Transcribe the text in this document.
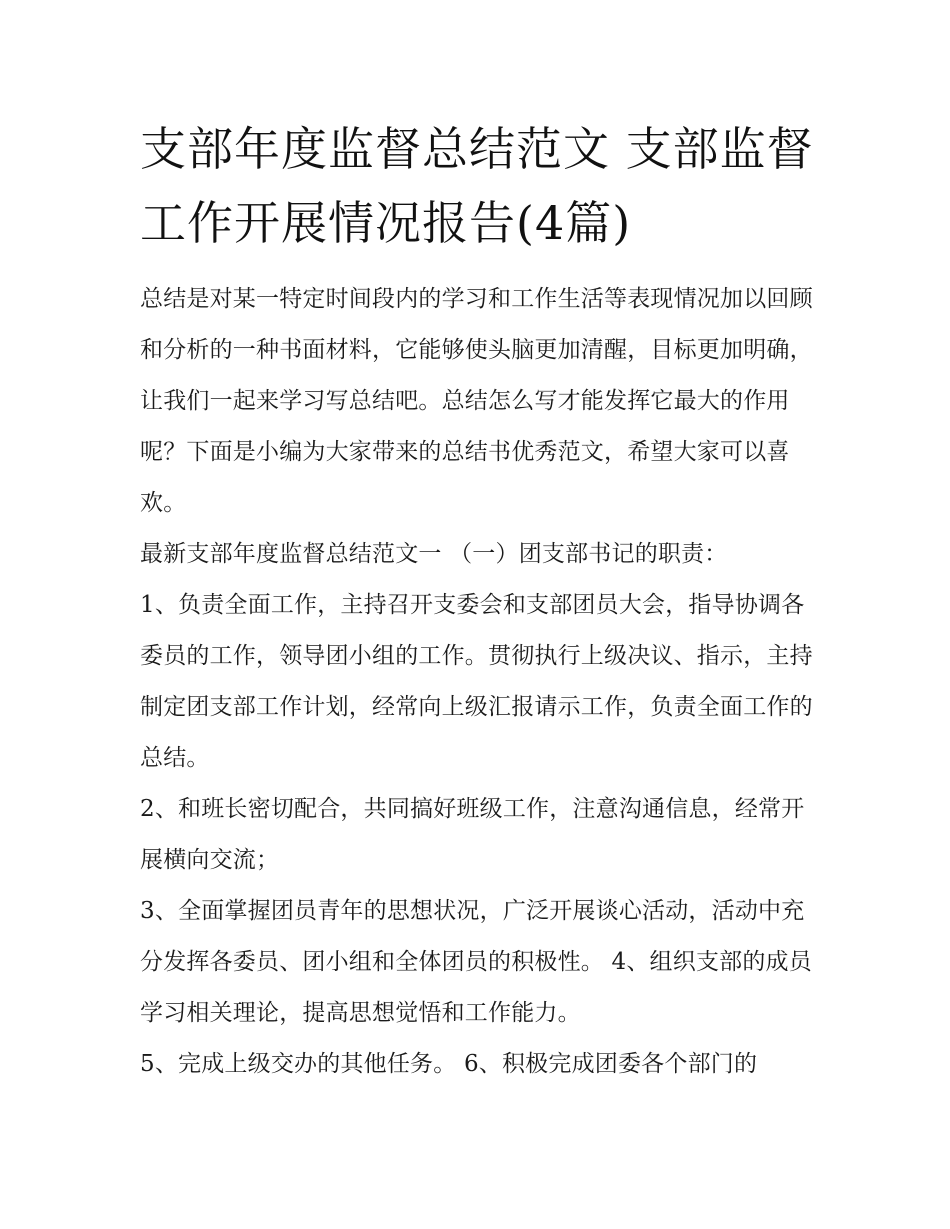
支部年度监督总结范文 支部监督工作开展情况报告(4篇)

总结是对某一特定时间段内的学习和工作生活等表现情况加以回顾和分析的一种书面材料，它能够使头脑更加清醒，目标更加明确，让我们一起来学习写总结吧。总结怎么写才能发挥它最大的作用呢？下面是小编为大家带来的总结书优秀范文，希望大家可以喜欢。

最新支部年度监督总结范文一 （一）团支部书记的职责：

1、负责全面工作，主持召开支委会和支部团员大会，指导协调各委员的工作，领导团小组的工作。贯彻执行上级决议、指示，主持制定团支部工作计划，经常向上级汇报请示工作，负责全面工作的总结。

2、和班长密切配合，共同搞好班级工作，注意沟通信息，经常开展横向交流；

3、全面掌握团员青年的思想状况，广泛开展谈心活动，活动中充分发挥各委员、团小组和全体团员的积极性。 4、组织支部的成员学习相关理论，提高思想觉悟和工作能力。

5、完成上级交办的其他任务。 6、积极完成团委各个部门的
